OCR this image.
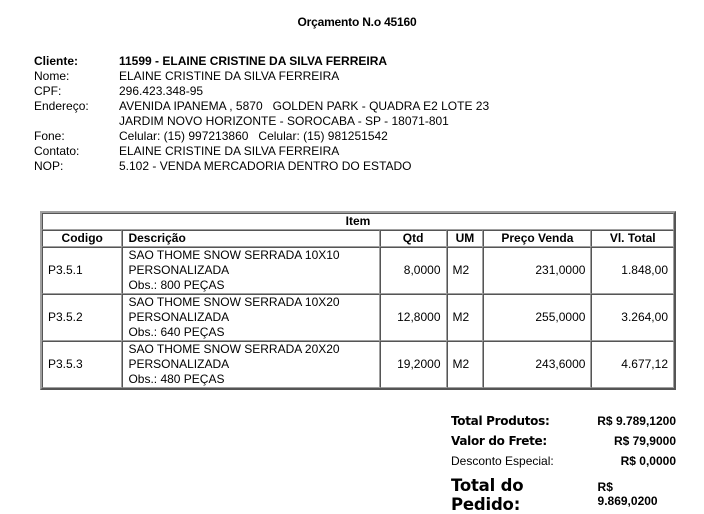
Orçamento N.o 45160
Cliente:	11599 - ELAINE CRISTINE DA SILVA FERREIRA
Nome:	ELAINE CRISTINE DA SILVA FERREIRA
CPF:	296.423.348-95
Endereço:	AVENIDA IPANEMA , 5870   GOLDEN PARK - QUADRA E2 LOTE 23
JARDIM NOVO HORIZONTE - SOROCABA - SP - 18071-801
Fone:	Celular: (15) 997213860   Celular: (15) 981251542
Contato:	ELAINE CRISTINE DA SILVA FERREIRA
NOP:	5.102 - VENDA MERCADORIA DENTRO DO ESTADO
Item					
Codigo	Descrição	Qtd	UM	Preço Venda	Vl. Total
P3.5.1	SAO THOME SNOW SERRADA 10X10
PERSONALIZADA
Obs.: 800 PEÇAS	8,0000	M2	231,0000	1.848,00
P3.5.2	SAO THOME SNOW SERRADA 10X20
PERSONALIZADA
Obs.: 640 PEÇAS	12,8000	M2	255,0000	3.264,00
P3.5.3	SAO THOME SNOW SERRADA 20X20
PERSONALIZADA
Obs.: 480 PEÇAS	19,2000	M2	243,6000	4.677,12
Total Produtos:	R$ 9.789,1200
Valor do Frete:	R$ 79,9000
Desconto Especial:	R$ 0,0000
Total do Pedido:
R$ 9.869,0200
